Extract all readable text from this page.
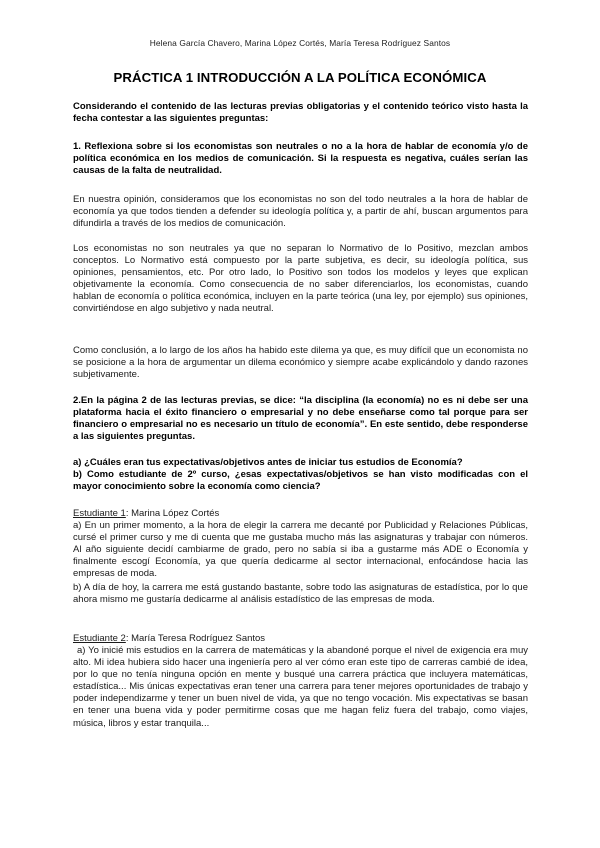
Helena García Chavero, Marina López Cortés, María Teresa Rodríguez Santos
PRÁCTICA 1 INTRODUCCIÓN A LA POLÍTICA ECONÓMICA
Considerando el contenido de las lecturas previas obligatorias y el contenido teórico visto hasta la fecha contestar a las siguientes preguntas:
1. Reflexiona sobre si los economistas son neutrales o no a la hora de hablar de economía y/o de política económica en los medios de comunicación. Si la respuesta es negativa, cuáles serían las causas de la falta de neutralidad.
En nuestra opinión, consideramos que los economistas no son del todo neutrales a la hora de hablar de economía ya que todos tienden a defender su ideología política y, a partir de ahí, buscan argumentos para difundirla a través de los medios de comunicación.
Los economistas no son neutrales ya que no separan lo Normativo de lo Positivo, mezclan ambos conceptos. Lo Normativo está compuesto por la parte subjetiva, es decir, su ideología política, sus opiniones, pensamientos, etc. Por otro lado, lo Positivo son todos los modelos y leyes que explican objetivamente la economía. Como consecuencia de no saber diferenciarlos, los economistas, cuando hablan de economía o política económica, incluyen en la parte teórica (una ley, por ejemplo) sus opiniones, convirtiéndose en algo subjetivo y nada neutral.
Como conclusión, a lo largo de los años ha habido este dilema ya que, es muy difícil que un economista no se posicione a la hora de argumentar un dilema económico y siempre acabe explicándolo y dando razones subjetivamente.
2.En la página 2 de las lecturas previas, se dice: “la disciplina (la economía) no es ni debe ser una plataforma hacia el éxito financiero o empresarial y no debe enseñarse como tal porque para ser financiero o empresarial no es necesario un título de economía”. En este sentido, debe responderse a las siguientes preguntas.
a) ¿Cuáles eran tus expectativas/objetivos antes de iniciar tus estudios de Economía?
b) Como estudiante de 2º curso, ¿esas expectativas/objetivos se han visto modificadas con el mayor conocimiento sobre la economía como ciencia?
Estudiante 1: Marina López Cortés
a) En un primer momento, a la hora de elegir la carrera me decanté por Publicidad y Relaciones Públicas, cursé el primer curso y me di cuenta que me gustaba mucho más las asignaturas y trabajar con números. Al año siguiente decidí cambiarme de grado, pero no sabía si iba a gustarme más ADE o Economía y finalmente escogí Economía, ya que quería dedicarme al sector internacional, enfocándose hacia las empresas de moda.
b) A día de hoy, la carrera me está gustando bastante, sobre todo las asignaturas de estadística, por lo que ahora mismo me gustaría dedicarme al análisis estadístico de las empresas de moda.
Estudiante 2: María Teresa Rodríguez Santos
a) Yo inicié mis estudios en la carrera de matemáticas y la abandoné porque el nivel de exigencia era muy alto. Mi idea hubiera sido hacer una ingeniería pero al ver cómo eran este tipo de carreras cambié de idea, por lo que no tenía ninguna opción en mente y busqué una carrera práctica que incluyera matemáticas, estadística... Mis únicas expectativas eran tener una carrera para tener mejores oportunidades de trabajo y poder independizarme y tener un buen nivel de vida, ya que no tengo vocación. Mis expectativas se basan en tener una buena vida y poder permitirme cosas que me hagan feliz fuera del trabajo, como viajes, música, libros y estar tranquila...
